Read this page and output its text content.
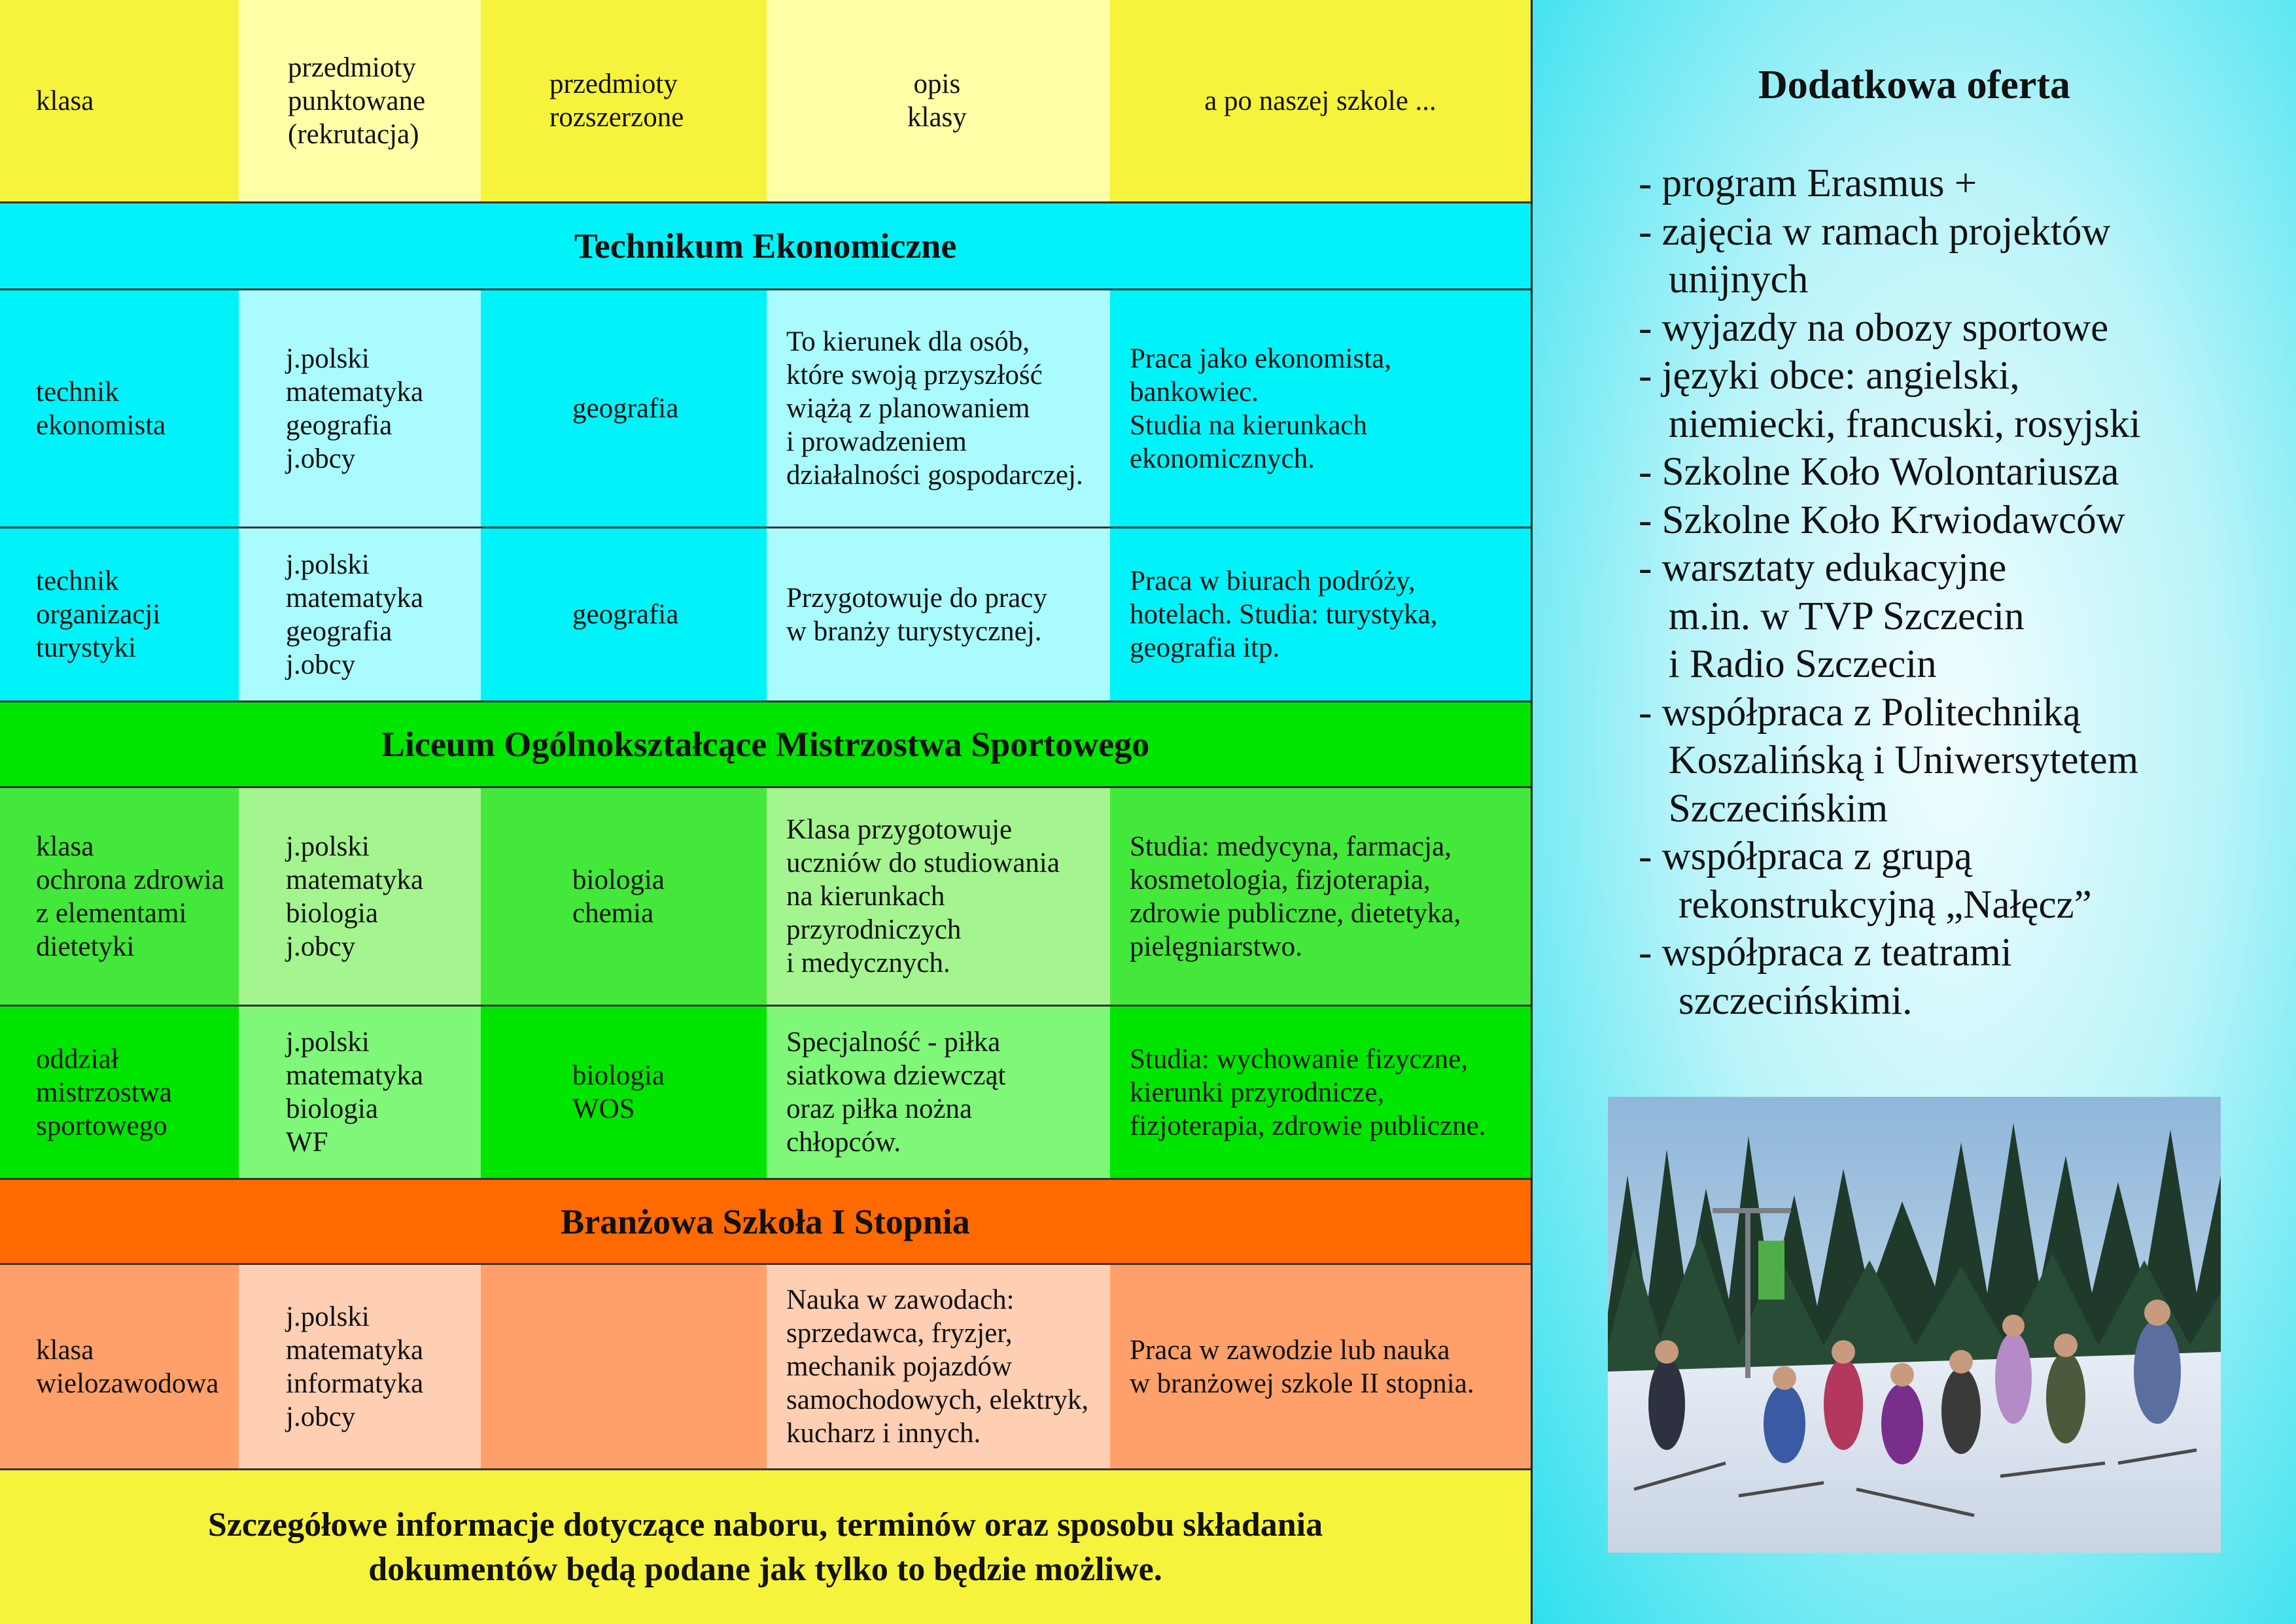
klasa
przedmioty
punktowane
(rekrutacja)
przedmioty
rozszerzone
opis
klasy
a po naszej szkole ...
Technikum Ekonomiczne
technik
ekonomista
j.polski
matematyka
geografia
j.obcy
geografia
To kierunek dla osób,
które swoją przyszłość
wiążą z planowaniem
i prowadzeniem
działalności gospodarczej.
Praca jako ekonomista,
bankowiec.
Studia na kierunkach
ekonomicznych.
technik
organizacji
turystyki
j.polski
matematyka
geografia
j.obcy
geografia
Przygotowuje do pracy
w branży turystycznej.
Praca w biurach podróży,
hotelach. Studia: turystyka,
geografia itp.
Liceum Ogólnokształcące Mistrzostwa Sportowego
klasa
ochrona zdrowia
z elementami
dietetyki
j.polski
matematyka
biologia
j.obcy
biologia
chemia
Klasa przygotowuje
uczniów do studiowania
na kierunkach
przyrodniczych
i medycznych.
Studia: medycyna, farmacja,
kosmetologia, fizjoterapia,
zdrowie publiczne, dietetyka,
pielęgniarstwo.
oddział
mistrzostwa
sportowego
j.polski
matematyka
biologia
WF
biologia
WOS
Specjalność - piłka
siatkowa dziewcząt
oraz piłka nożna
chłopców.
Studia: wychowanie fizyczne,
kierunki przyrodnicze,
fizjoterapia, zdrowie publiczne.
Branżowa Szkoła I Stopnia
klasa
wielozawodowa
j.polski
matematyka
informatyka
j.obcy
Nauka w zawodach:
sprzedawca, fryzjer,
mechanik pojazdów
samochodowych, elektryk,
kucharz i innych.
Praca w zawodzie lub nauka
w branżowej szkole II stopnia.
Szczegółowe informacje dotyczące naboru, terminów oraz sposobu składania
dokumentów będą podane jak tylko to będzie możliwe.
Dodatkowa oferta
- program Erasmus +
- zajęcia w ramach projektów
unijnych
- wyjazdy na obozy sportowe
- języki obce: angielski,
niemiecki, francuski, rosyjski
- Szkolne Koło Wolontariusza
- Szkolne Koło Krwiodawców
- warsztaty edukacyjne
m.in. w TVP Szczecin
i Radio Szczecin
- współpraca z Politechniką
Koszalińską i Uniwersytetem
Szczecińskim
- współpraca z grupą
rekonstrukcyjną „Nałęcz”
- współpraca z teatrami
szczecińskimi.
